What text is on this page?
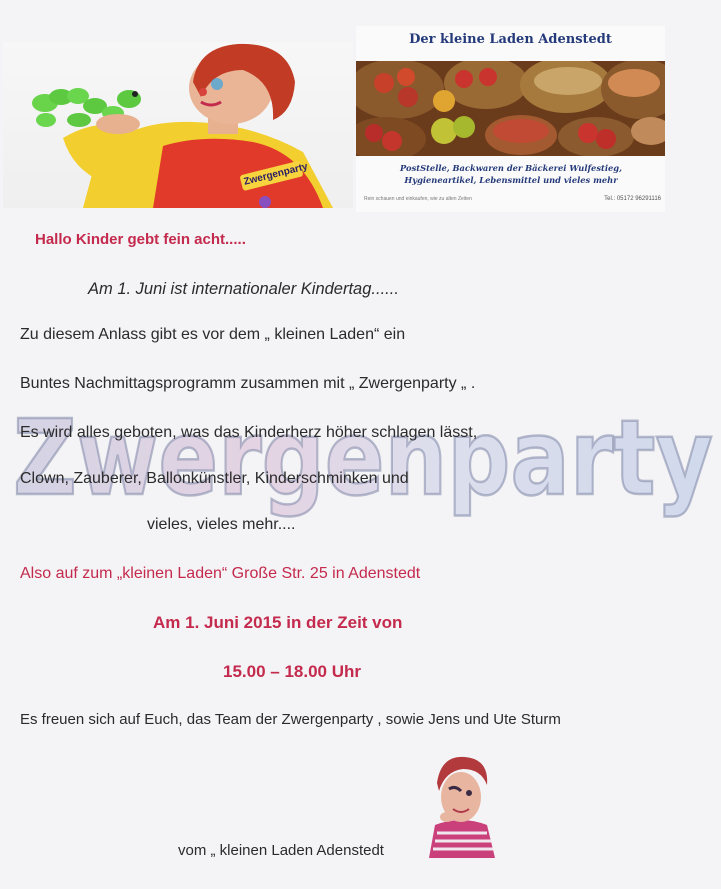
Zwergenparty
Der kleine Laden Adenstedt
PostStelle, Backwaren der Bäckerei Wulfestieg,
Hygieneartikel, Lebensmittel und vieles mehr
Rein schauen und einkaufen, wie zu alten Zeiten	Tel.: 05172 96291116
Zwergenparty
Hallo Kinder gebt fein acht.....
Am 1. Juni ist internationaler Kindertag......
Zu diesem Anlass gibt es vor dem „ kleinen Laden“ ein
Buntes Nachmittagsprogramm zusammen mit „ Zwergenparty „ .
Es wird alles geboten, was das Kinderherz höher schlagen lässt,
Clown, Zauberer, Ballonkünstler, Kinderschminken und
vieles, vieles mehr....
Also auf zum „kleinen Laden“ Große Str. 25 in Adenstedt
Am 1. Juni 2015 in der Zeit von
15.00 – 18.00 Uhr
Es freuen sich auf Euch, das Team der Zwergenparty , sowie Jens und Ute Sturm
vom „ kleinen Laden Adenstedt
